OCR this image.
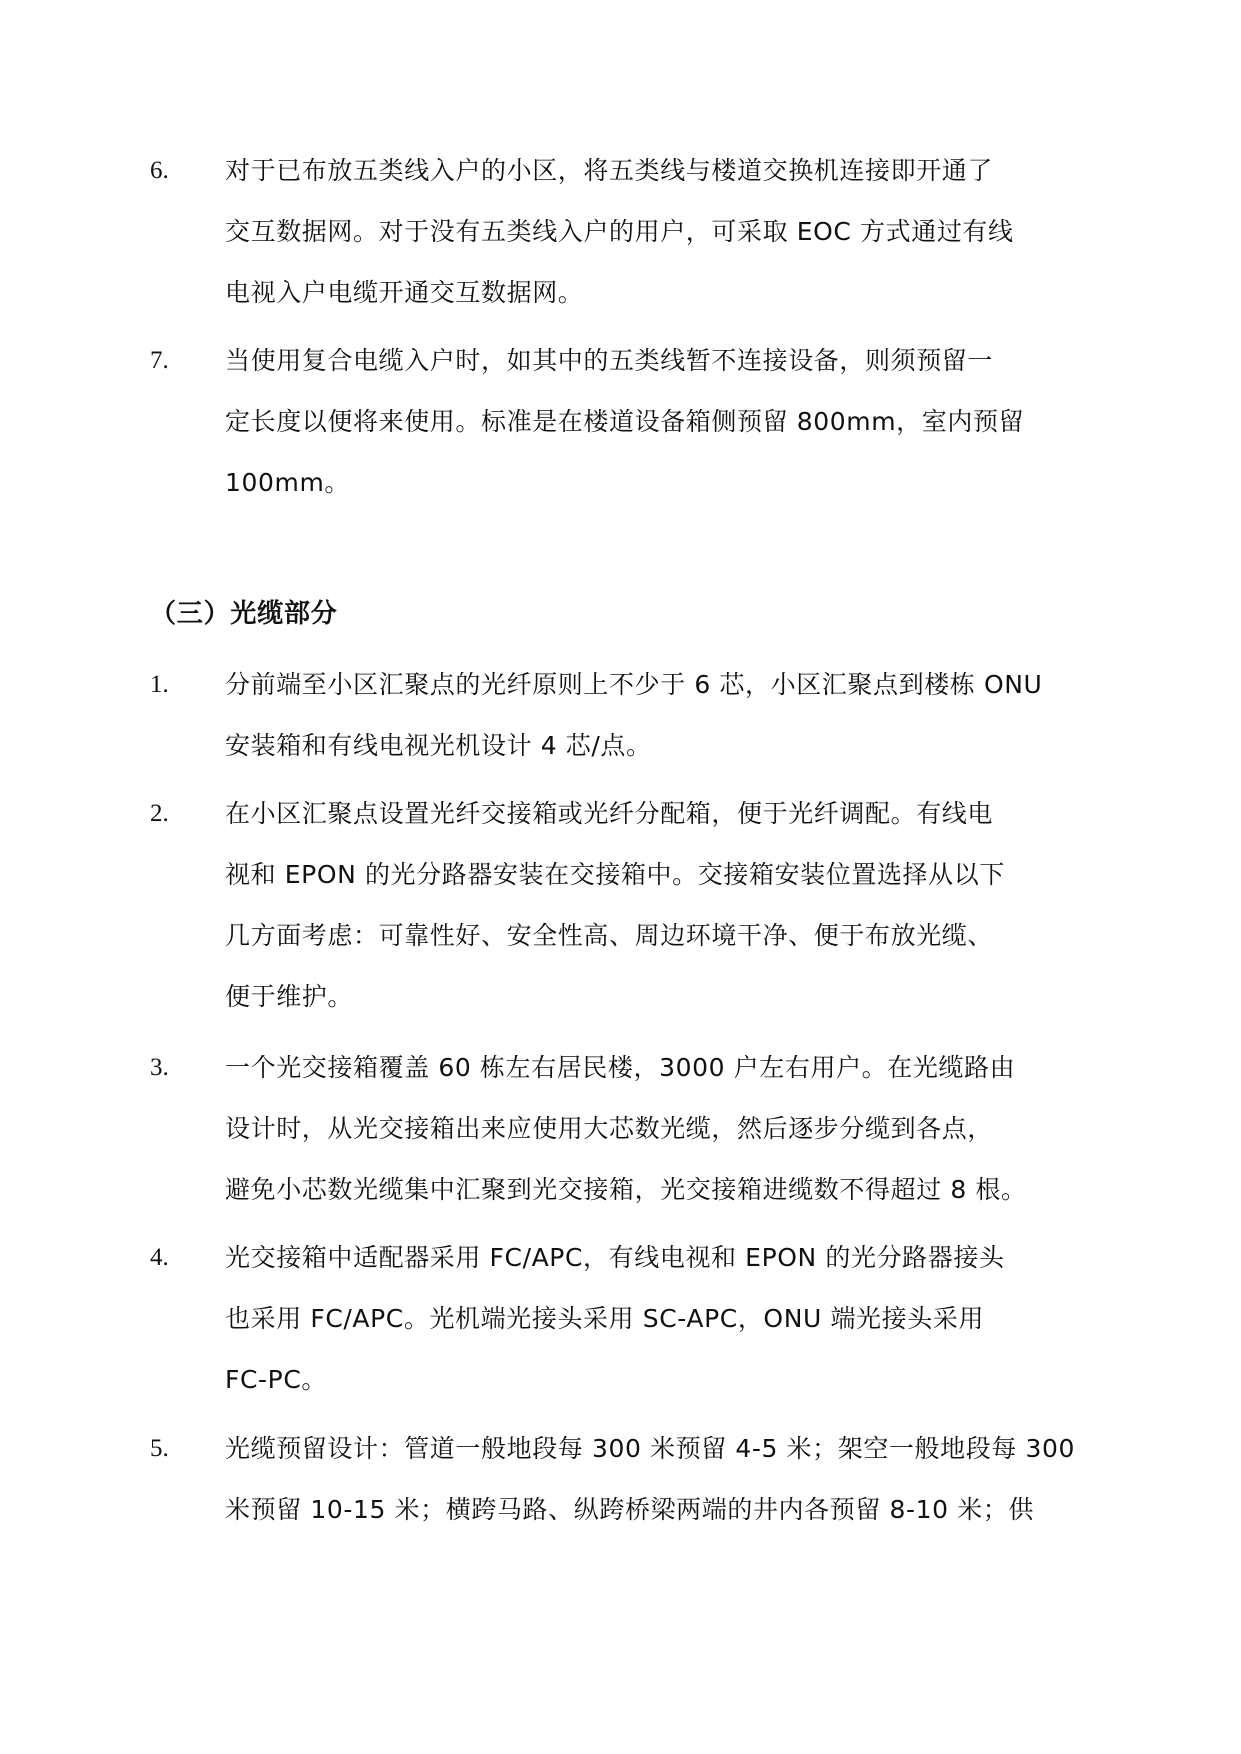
6. 对于已布放五类线入户的小区，将五类线与楼道交换机连接即开通了
交互数据网。对于没有五类线入户的用户，可采取 EOC 方式通过有线
电视入户电缆开通交互数据网。
7. 当使用复合电缆入户时，如其中的五类线暂不连接设备，则须预留一
定长度以便将来使用。标准是在楼道设备箱侧预留 800mm，室内预留
100mm。
（三）光缆部分
1. 分前端至小区汇聚点的光纤原则上不少于 6 芯，小区汇聚点到楼栋 ONU
安装箱和有线电视光机设计 4 芯/点。
2. 在小区汇聚点设置光纤交接箱或光纤分配箱，便于光纤调配。有线电
视和 EPON 的光分路器安装在交接箱中。交接箱安装位置选择从以下
几方面考虑：可靠性好、安全性高、周边环境干净、便于布放光缆、
便于维护。
3. 一个光交接箱覆盖 60 栋左右居民楼，3000 户左右用户。在光缆路由
设计时，从光交接箱出来应使用大芯数光缆，然后逐步分缆到各点，
避免小芯数光缆集中汇聚到光交接箱，光交接箱进缆数不得超过 8 根。
4. 光交接箱中适配器采用 FC/APC，有线电视和 EPON 的光分路器接头
也采用 FC/APC。光机端光接头采用 SC-APC，ONU 端光接头采用
FC-PC。
5. 光缆预留设计：管道一般地段每 300 米预留 4-5 米；架空一般地段每 300
米预留 10-15 米；横跨马路、纵跨桥梁两端的井内各预留 8-10 米；供
